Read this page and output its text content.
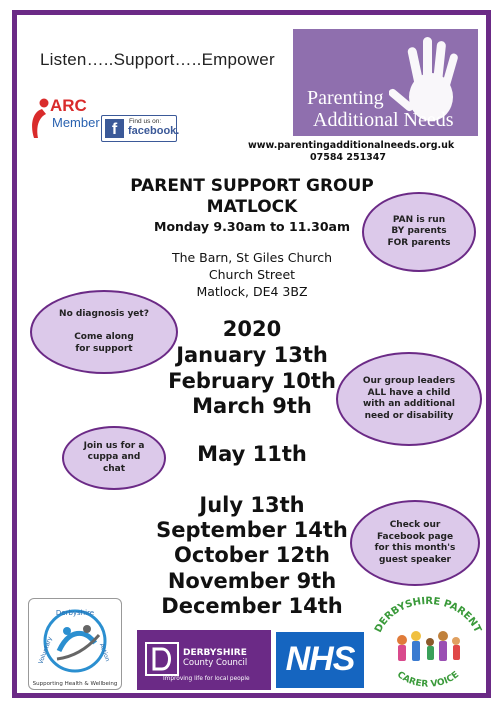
Listen…..Support…..Empower
Parenting
Additional Needs
ARC
Member f	Find us on:
facebook.
www.parentingadditionalneeds.org.uk
07584 251347
PARENT SUPPORT GROUP
MATLOCK
Monday 9.30am to 11.30am
The Barn, St Giles Church
Church Street
Matlock, DE4 3BZ
2020
January 13th
February 10th
March 9th
May 11th
July 13th
September 14th
October 12th
November 9th
December 14th
PAN is run
BY parents
FOR parents
No diagnosis yet?

Come along
for support
Our group leaders
ALL have a child
with an additional
need or disability
Join us for a
cuppa and
chat
Check our
Facebook page
for this month's
guest speaker
Derbyshire
Voluntary	Action
Supporting Health & Wellbeing
DERBYSHIRE
County Council
Improving life for local people
NHS
DERBYSHIRE PARENT
CARER VOICE
